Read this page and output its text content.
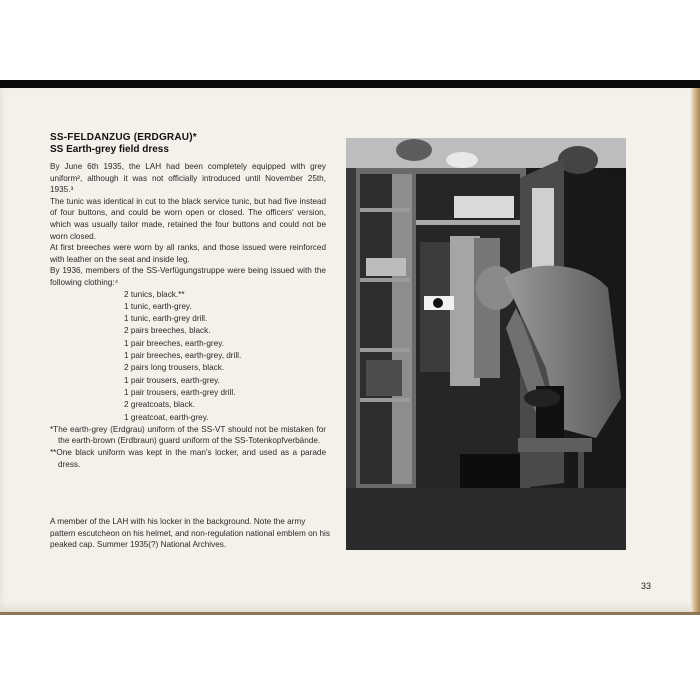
SS-FELDANZUG (ERDGRAU)*
SS Earth-grey field dress

By June 6th 1935, the LAH had been completely equipped with grey uniform², although it was not officially introduced until November 25th, 1935.³

The tunic was identical in cut to the black service tunic, but had five instead of four buttons, and could be worn open or closed. The officers' version, which was usually tailor made, retained the four buttons and could not be worn closed.

At first breeches were worn by all ranks, and those issued were reinforced with leather on the seat and inside leg.

By 1936, members of the SS-Verfügungstruppe were being issued with the following clothing:⁴

2 tunics, black.**
1 tunic, earth-grey.
1 tunic, earth-grey drill.
2 pairs breeches, black.
1 pair breeches, earth-grey.
1 pair breeches, earth-grey, drill.
2 pairs long trousers, black.
1 pair trousers, earth-grey.
1 pair trousers, earth-grey drill.
2 greatcoats, black.
1 greatcoat, earth-grey.

*The earth-grey (Erdgrau) uniform of the SS-VT should not be mistaken for the earth-brown (Erdbraun) guard uniform of the SS-Totenkopfverbände.

**One black uniform was kept in the man's locker, and used as a parade dress.

A member of the LAH with his locker in the background. Note the army pattern escutcheon on his helmet, and non-regulation national emblem on his peaked cap. Summer 1935(?) National Archives.

33
